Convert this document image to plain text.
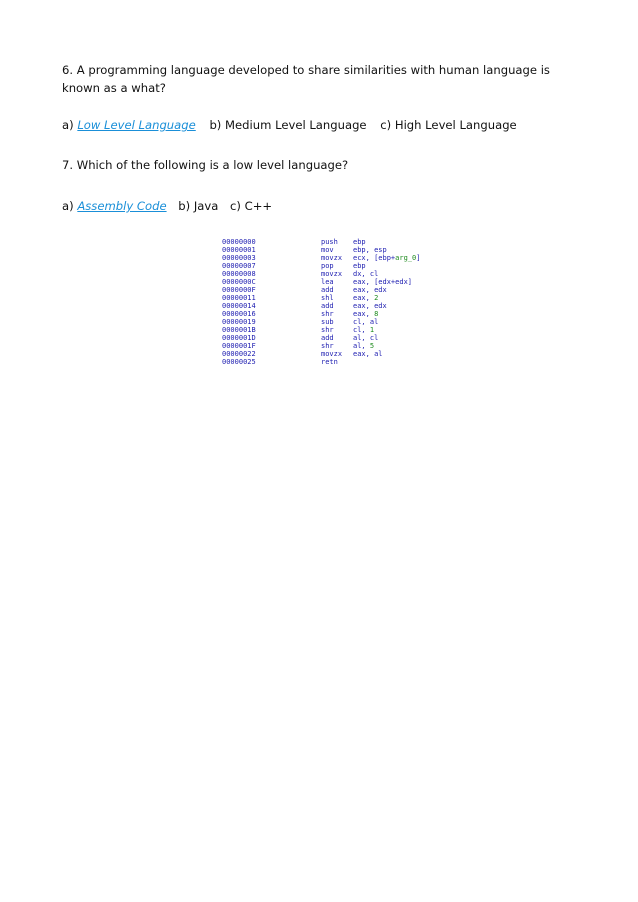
6. A programming language developed to share similarities with human language is known as a what?

a) Low Level Language b) Medium Level Language c) High Level Language

7. Which of the following is a low level language?

a) Assembly Code b) Java c) C++
00000000	push ebp
00000001	mov	ebp, esp
00000003	movzx ecx, [ebp+arg_0]
00000007	pop	ebp
00000008	movzx dx, cl
0000000C	lea	eax, [edx+edx]
0000000F	add	eax, edx
00000011	shl	eax, 2
00000014	add	eax, edx
00000016	shr	eax, 8
00000019	sub	cl, al
0000001B	shr	cl, 1
0000001D	add	al, cl
0000001F	shr	al, 5
00000022	movzx eax, al
00000025	retn
